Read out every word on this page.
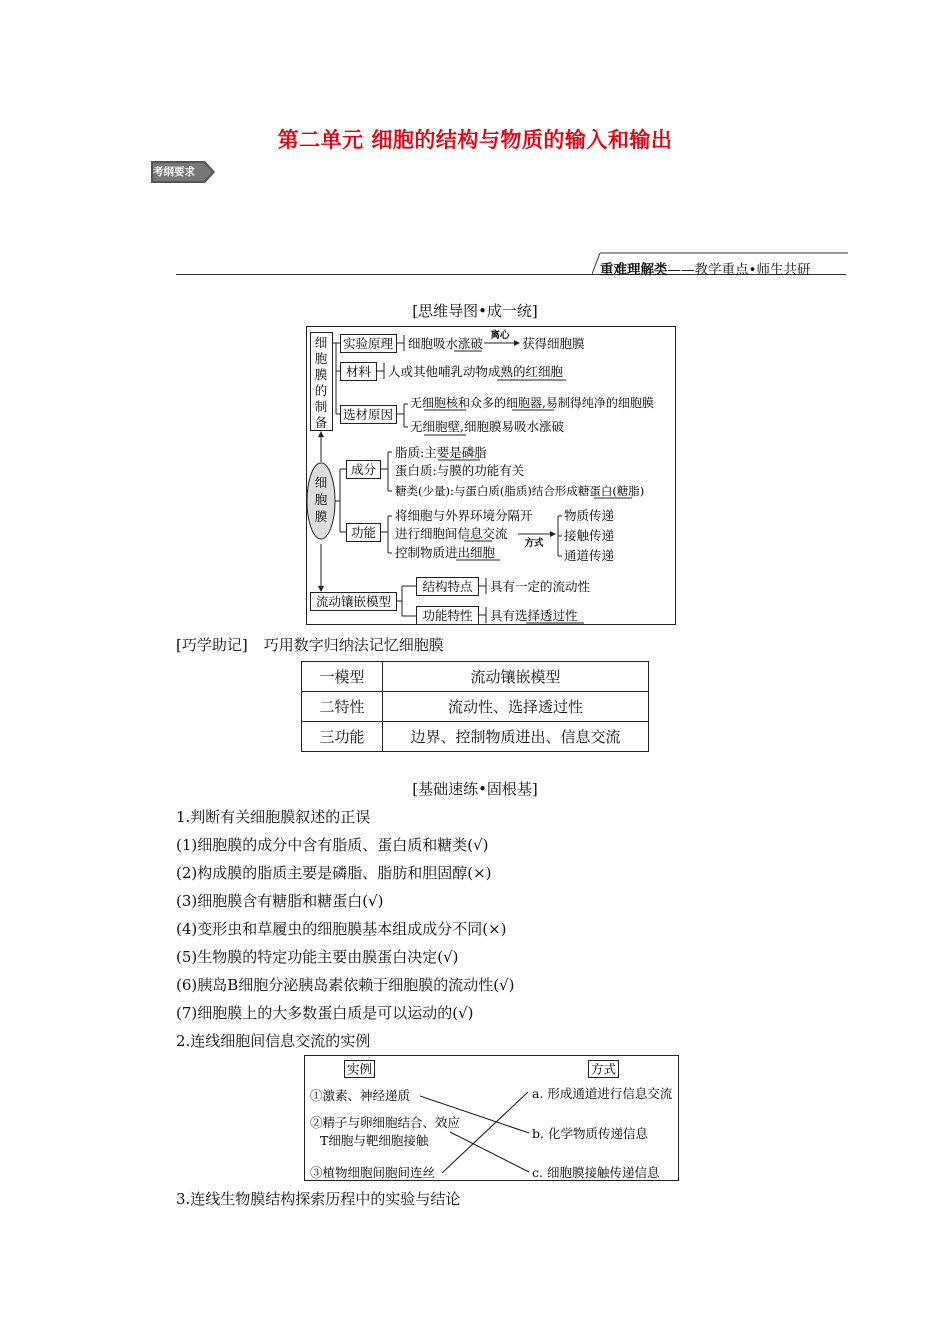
第二单元 细胞的结构与物质的输入和输出
考纲要求
重难理解类——教学重点•师生共研
[思维导图•成一统]
细
胞
膜
的
制
备
实验原理 细胞吸水涨破
离心
获得细胞膜
材料 人或其他哺乳动物成熟的红细胞
选材原因
无细胞核和众多的细胞器,易制得纯净的细胞膜
无细胞壁,细胞膜易吸水涨破
细
胞
膜
成分
脂质:主要是磷脂
蛋白质:与膜的功能有关
糖类(少量):与蛋白质(脂质)结合形成糖蛋白(糖脂)
功能
将细胞与外界环境分隔开
进行细胞间信息交流
控制物质进出细胞
方式
物质传递
接触传递
通道传递
流动镶嵌模型
结构特点 具有一定的流动性
功能特性 具有选择透过性
[巧学助记] 巧用数字归纳法记忆细胞膜
一模型	流动镶嵌模型
二特性	流动性、选择透过性
三功能	边界、控制物质进出、信息交流
[基础速练•固根基]
1.判断有关细胞膜叙述的正误
(1)细胞膜的成分中含有脂质、蛋白质和糖类(√)
(2)构成膜的脂质主要是磷脂、脂肪和胆固醇(×)
(3)细胞膜含有糖脂和糖蛋白(√)
(4)变形虫和草履虫的细胞膜基本组成成分不同(×)
(5)生物膜的特定功能主要由膜蛋白决定(√)
(6)胰岛B细胞分泌胰岛素依赖于细胞膜的流动性(√)
(7)细胞膜上的大多数蛋白质是可以运动的(√)
2.连线细胞间信息交流的实例
实例	方式
①激素、神经递质
②精子与卵细胞结合、效应
T细胞与靶细胞接触
③植物细胞间胞间连丝
a. 形成通道进行信息交流
b. 化学物质传递信息
c. 细胞膜接触传递信息
3.连线生物膜结构探索历程中的实验与结论
